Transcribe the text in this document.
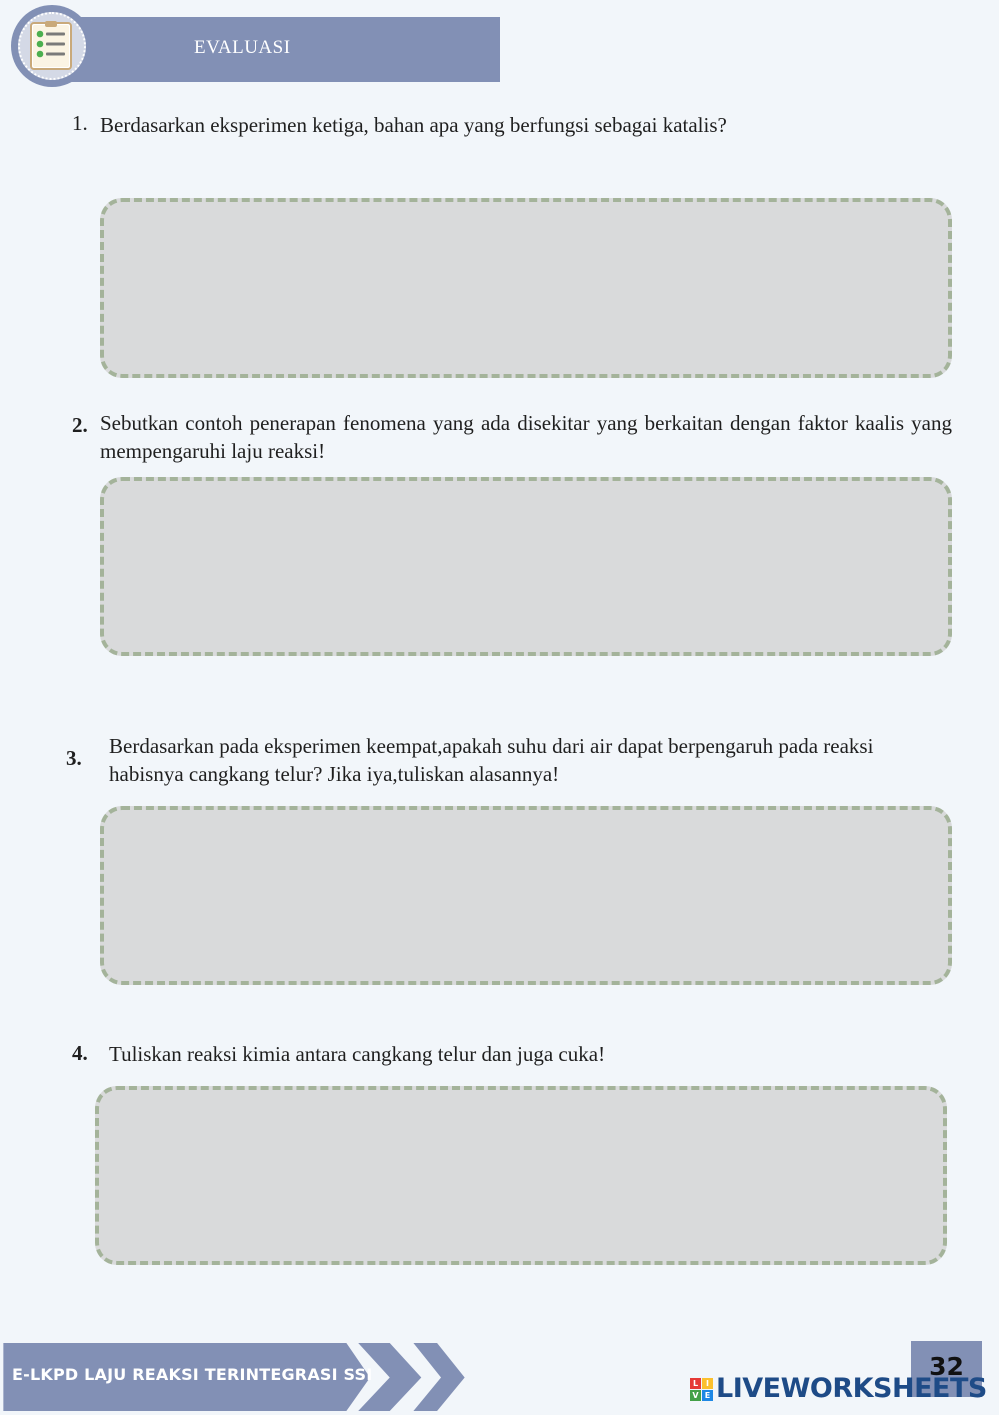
EVALUASI
1. Berdasarkan eksperimen ketiga, bahan apa yang berfungsi sebagai katalis?
2. Sebutkan contoh penerapan fenomena yang ada disekitar yang berkaitan dengan faktor kaalis yang mempengaruhi laju reaksi!
3. Berdasarkan pada eksperimen keempat,apakah suhu dari air dapat berpengaruh pada reaksi habisnya cangkang telur? Jika iya,tuliskan alasannya!
4. Tuliskan reaksi kimia antara cangkang telur dan juga cuka!
E-LKPD LAJU REAKSI TERINTEGRASI SSI	32
L I
V E LIVEWORKSHEETS
